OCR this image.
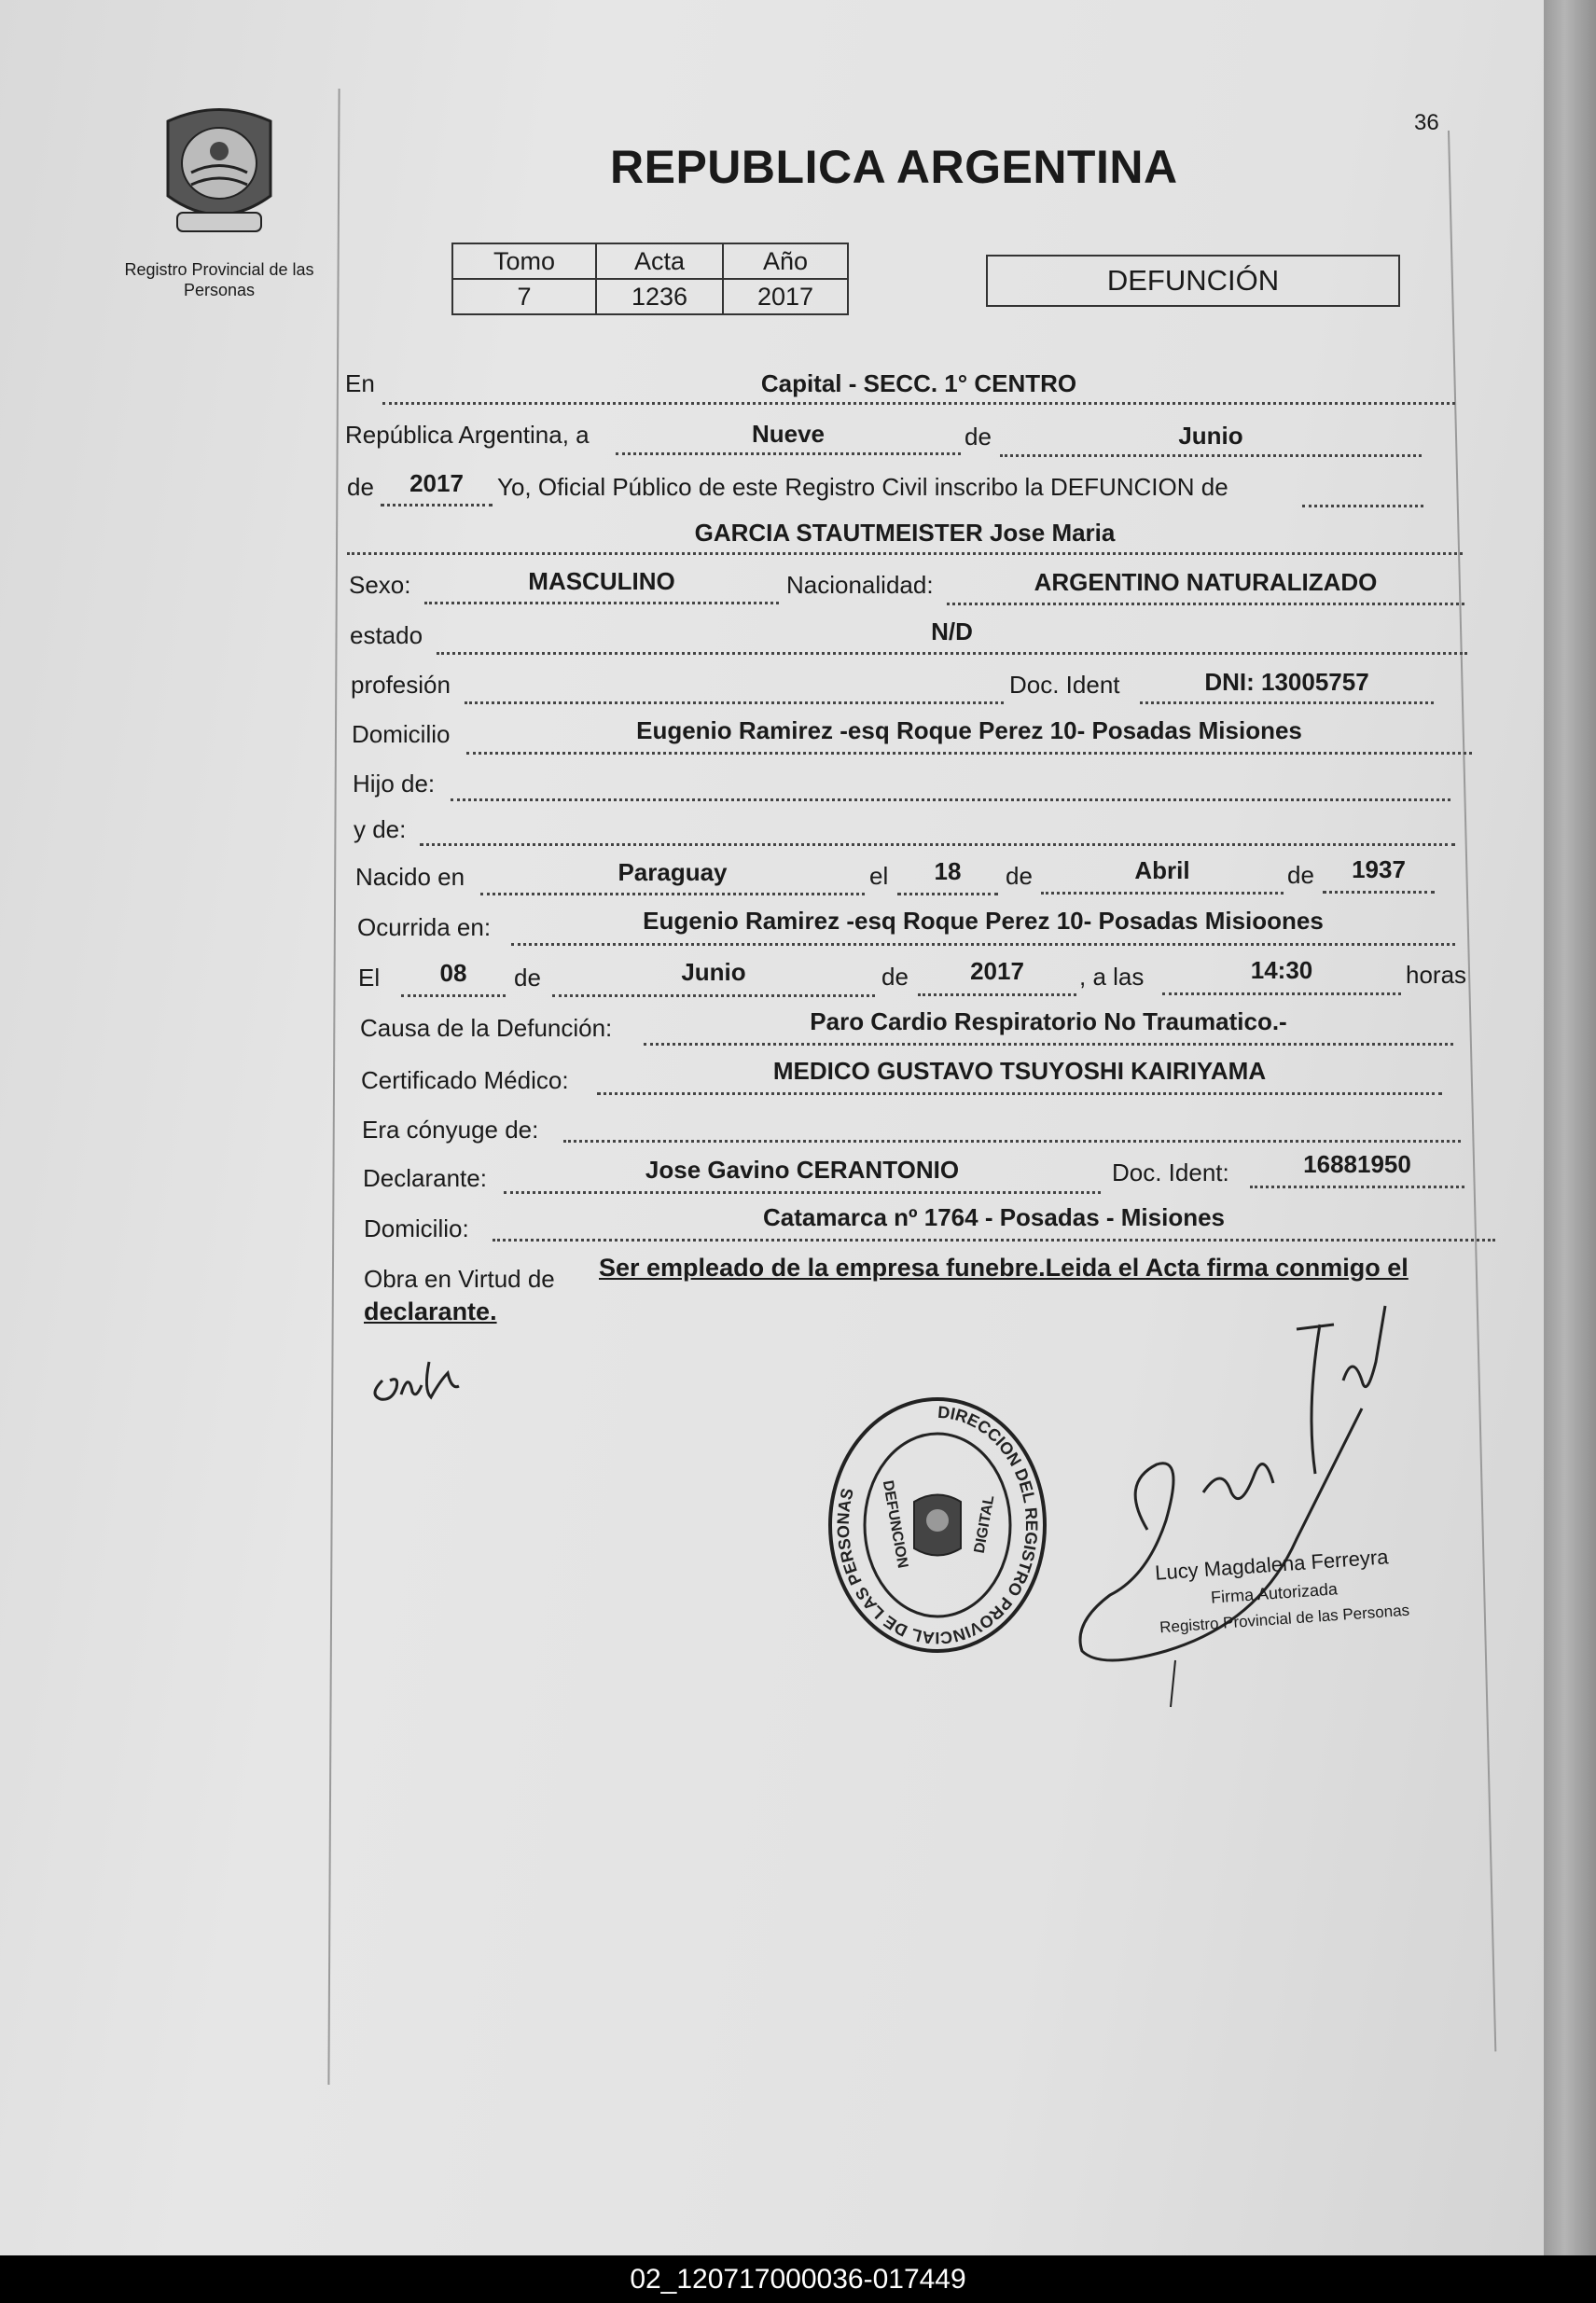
Registro Provincial de las Personas
36
REPUBLICA ARGENTINA
Tomo	Acta	Año
7	1236	2017	DEFUNCIÓN
En	Capital - SECC. 1° CENTRO
República Argentina, a	Nueve	de	Junio
de	2017	Yo, Oficial Público de este Registro Civil inscribo la DEFUNCION de
GARCIA STAUTMEISTER Jose Maria
Sexo:	MASCULINO	Nacionalidad:	ARGENTINO NATURALIZADO
estado	N/D
profesión	Doc. Ident	DNI: 13005757
Domicilio	Eugenio Ramirez -esq Roque Perez 10- Posadas Misiones
Hijo de:
y de:
Nacido en	Paraguay	el	18	de	Abril	de	1937
Ocurrida en:	Eugenio Ramirez -esq Roque Perez 10- Posadas Misioones
El	08	de	Junio	de	2017	, a las	14:30	horas
Causa de la Defunción:	Paro Cardio Respiratorio No Traumatico.-
Certificado Médico:	MEDICO GUSTAVO TSUYOSHI KAIRIYAMA
Era cónyuge de:
Declarante:	Jose Gavino CERANTONIO	Doc. Ident:	16881950
Domicilio:	Catamarca nº 1764 - Posadas - Misiones
Obra en Virtud de Ser empleado de la empresa funebre.Leida el Acta firma conmigo el
declarante.
DIRECCION DEL REGISTRO PROVINCIAL DE LAS PERSONAS	DEFUNCION	DIGITAL
Lucy Magdalena Ferreyra
Firma Autorizada
Registro Provincial de las Personas
02_120717000036-017449
